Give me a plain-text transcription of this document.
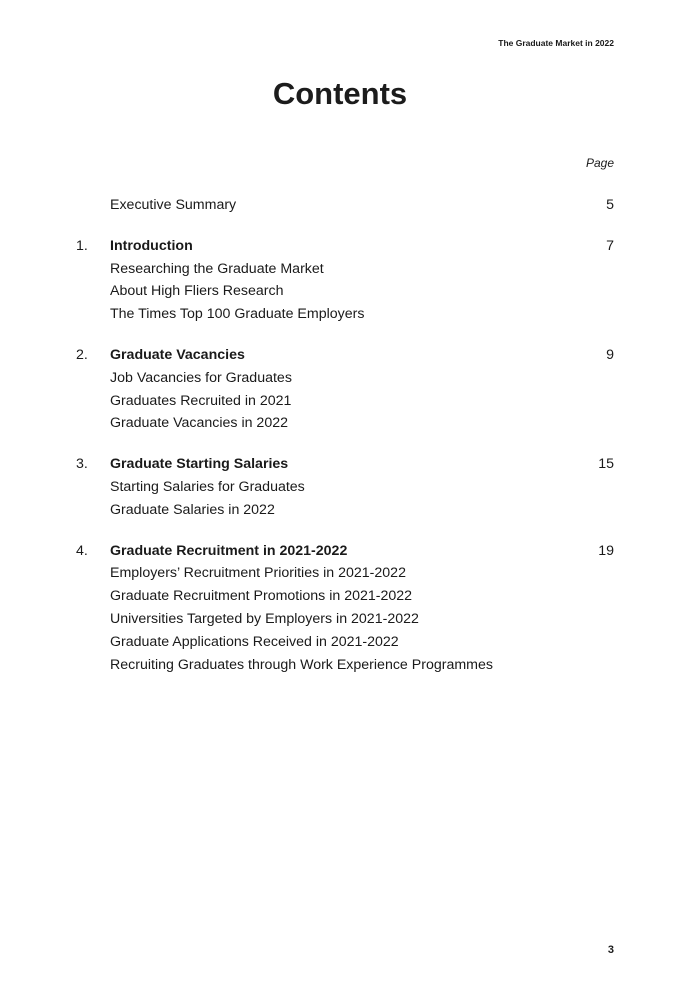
The Graduate Market in 2022
Contents
Page
Executive Summary	5
1. Introduction	7
Researching the Graduate Market
About High Fliers Research
The Times Top 100 Graduate Employers
2. Graduate Vacancies	9
Job Vacancies for Graduates
Graduates Recruited in 2021
Graduate Vacancies in 2022
3. Graduate Starting Salaries	15
Starting Salaries for Graduates
Graduate Salaries in 2022
4. Graduate Recruitment in 2021-2022	19
Employers’ Recruitment Priorities in 2021-2022
Graduate Recruitment Promotions in 2021-2022
Universities Targeted by Employers in 2021-2022
Graduate Applications Received in 2021-2022
Recruiting Graduates through Work Experience Programmes
3
